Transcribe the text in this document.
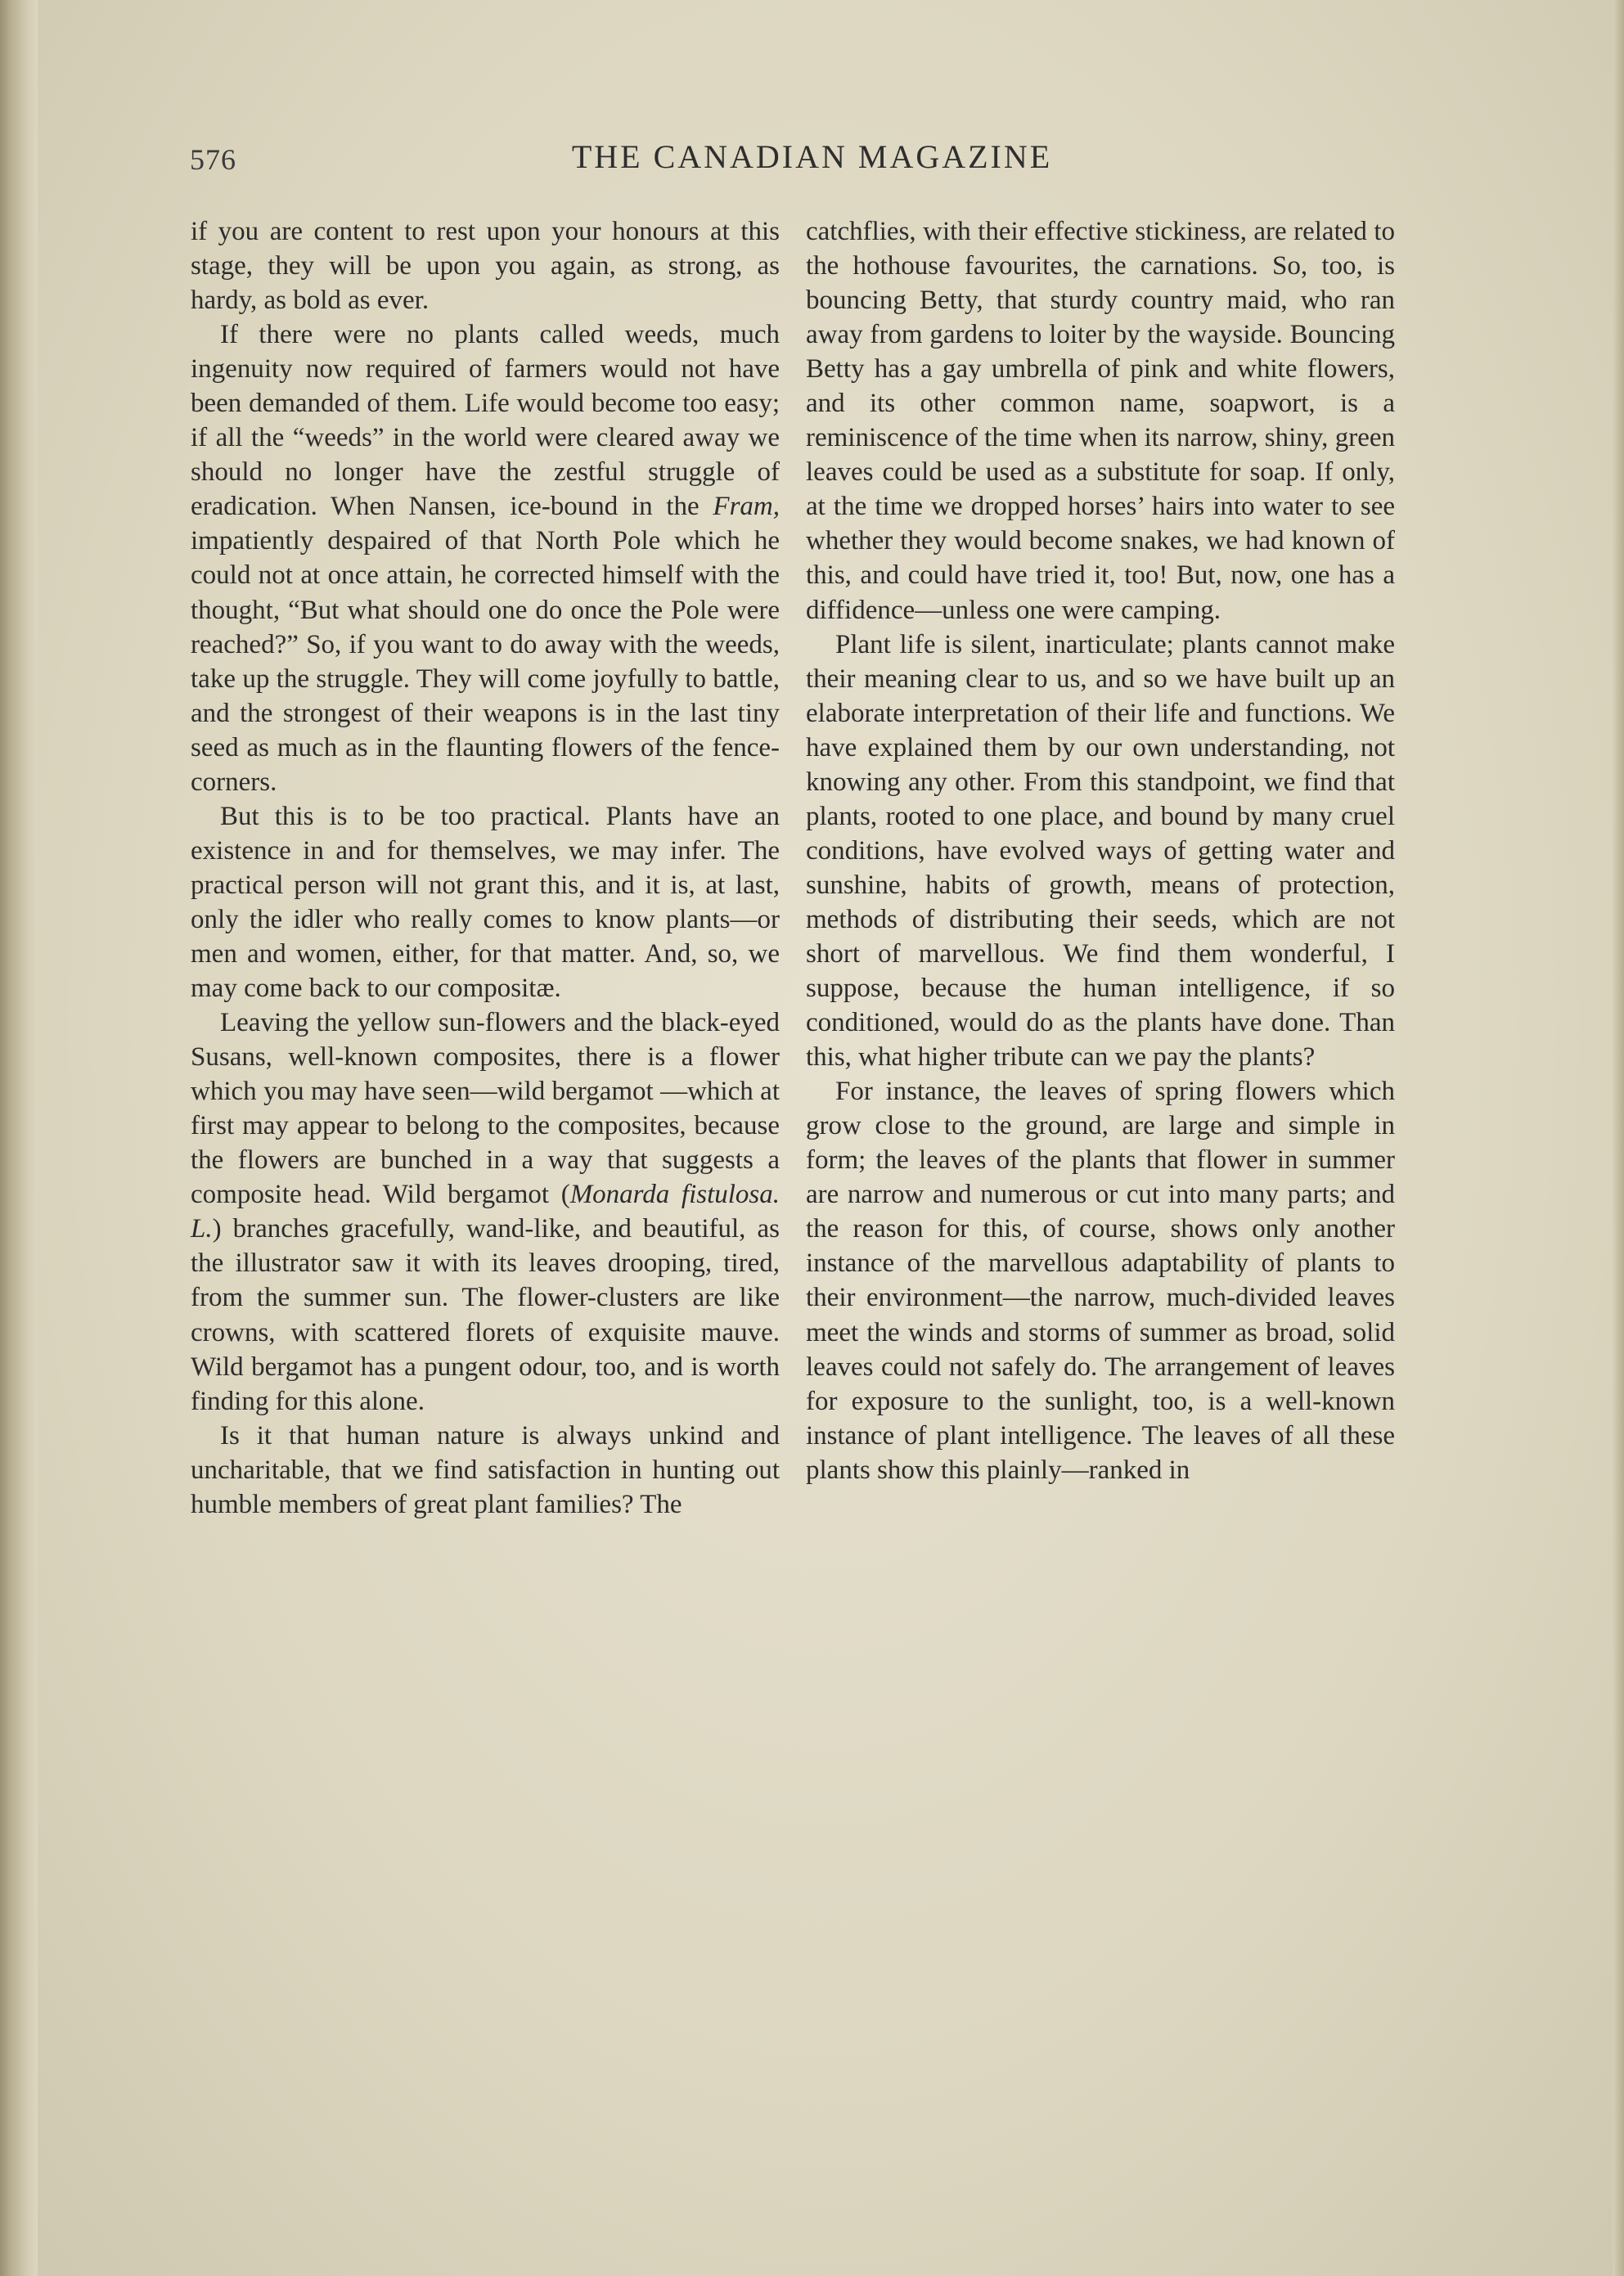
576	THE CANADIAN MAGAZINE

if you are content to rest upon your honours at this stage, they will be upon you again, as strong, as hardy, as bold as ever.

If there were no plants called weeds, much ingenuity now required of farmers would not have been demanded of them. Life would become too easy; if all the “weeds” in the world were cleared away we should no longer have the zestful struggle of eradication. When Nansen, ice-bound in the Fram, impatiently despaired of that North Pole which he could not at once attain, he corrected himself with the thought, “But what should one do once the Pole were reached?” So, if you want to do away with the weeds, take up the struggle. They will come joyfully to battle, and the strongest of their weapons is in the last tiny seed as much as in the flaunting flowers of the fence-corners.

But this is to be too practical. Plants have an existence in and for themselves, we may infer. The practical person will not grant this, and it is, at last, only the idler who really comes to know plants—or men and women, either, for that matter. And, so, we may come back to our compositæ.

Leaving the yellow sun-flowers and the black-eyed Susans, well-known composites, there is a flower which you may have seen—wild bergamot —which at first may appear to belong to the composites, because the flowers are bunched in a way that suggests a composite head. Wild bergamot (Monarda fistulosa. L.) branches gracefully, wand-like, and beautiful, as the illustrator saw it with its leaves drooping, tired, from the summer sun. The flower-clusters are like crowns, with scattered florets of exquisite mauve. Wild bergamot has a pungent odour, too, and is worth finding for this alone.

Is it that human nature is always unkind and uncharitable, that we find satisfaction in hunting out humble members of great plant families? The

catchflies, with their effective stickiness, are related to the hothouse favourites, the carnations. So, too, is bouncing Betty, that sturdy country maid, who ran away from gardens to loiter by the wayside. Bouncing Betty has a gay umbrella of pink and white flowers, and its other common name, soapwort, is a reminiscence of the time when its narrow, shiny, green leaves could be used as a substitute for soap. If only, at the time we dropped horses’ hairs into water to see whether they would become snakes, we had known of this, and could have tried it, too! But, now, one has a diffidence—unless one were camping.

Plant life is silent, inarticulate; plants cannot make their meaning clear to us, and so we have built up an elaborate interpretation of their life and functions. We have explained them by our own understanding, not knowing any other. From this standpoint, we find that plants, rooted to one place, and bound by many cruel conditions, have evolved ways of getting water and sunshine, habits of growth, means of protection, methods of distributing their seeds, which are not short of marvellous. We find them wonderful, I suppose, because the human intelligence, if so conditioned, would do as the plants have done. Than this, what higher tribute can we pay the plants?

For instance, the leaves of spring flowers which grow close to the ground, are large and simple in form; the leaves of the plants that flower in summer are narrow and numerous or cut into many parts; and the reason for this, of course, shows only another instance of the marvellous adaptability of plants to their environment—the narrow, much-divided leaves meet the winds and storms of summer as broad, solid leaves could not safely do. The arrangement of leaves for exposure to the sunlight, too, is a well-known instance of plant intelligence. The leaves of all these plants show this plainly—ranked in
